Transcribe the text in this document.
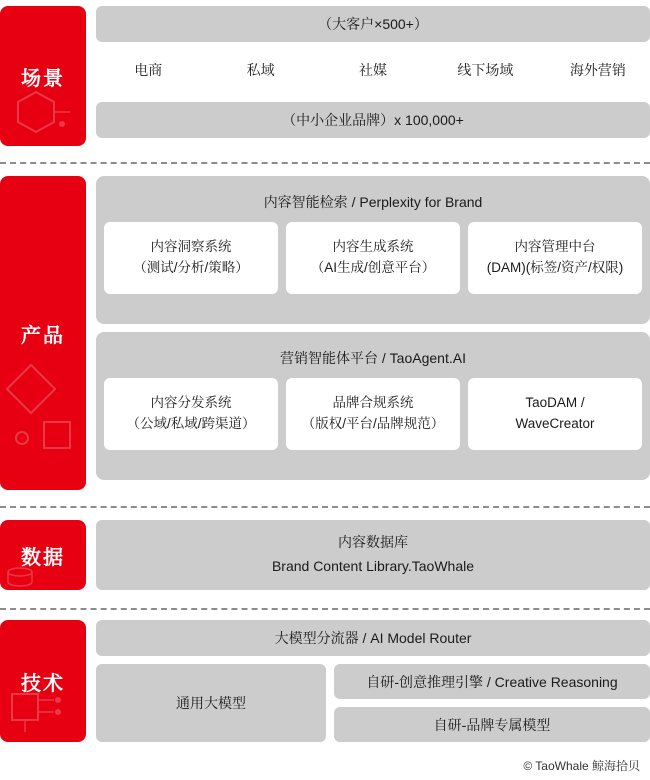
场景
（大客户×500+）
电商	私域	社媒	线下场域	海外营销
（中小企业品牌）x 100,000+
产品
内容智能检索 / Perplexity for Brand
内容洞察系统
（测试/分析/策略）
内容生成系统
（AI生成/创意平台）
内容管理中台
(DAM)(标签/资产/权限)
营销智能体平台 / TaoAgent.AI
内容分发系统
（公域/私域/跨渠道）
品牌合规系统
（版权/平台/品牌规范）
TaoDAM /
WaveCreator
数据
内容数据库
Brand Content Library.TaoWhale
技术
大模型分流器 / AI Model Router
通用大模型
自研-创意推理引擎 / Creative Reasoning
自研-品牌专属模型
© TaoWhale 鲸海拾贝
